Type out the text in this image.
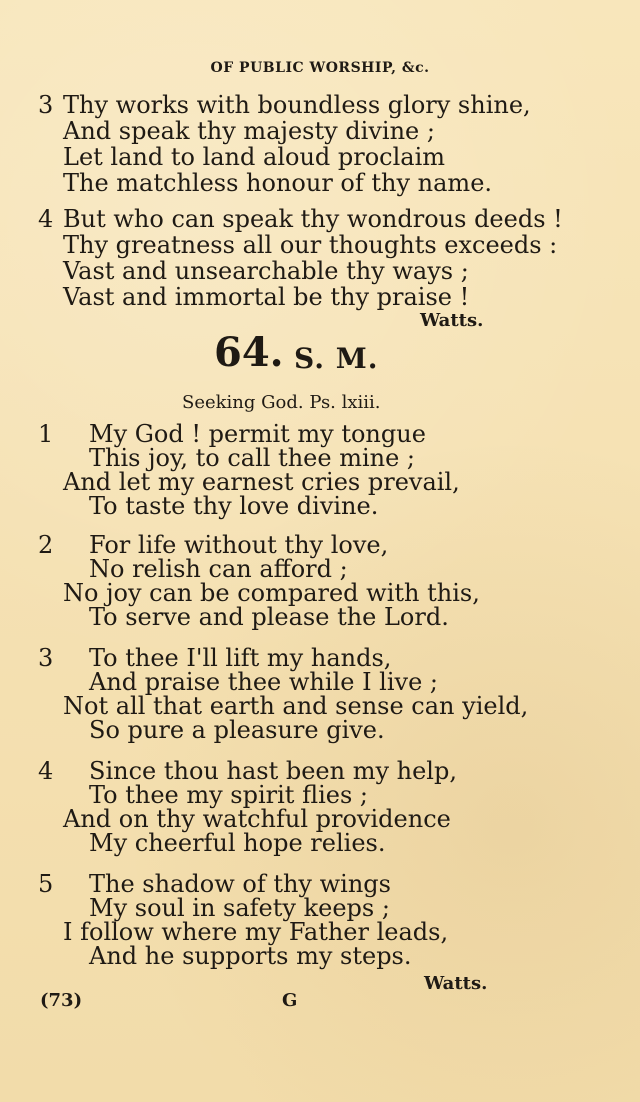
OF PUBLIC WORSHIP, &c.
3 Thy works with boundless glory shine,
And speak thy majesty divine ;
Let land to land aloud proclaim
The matchless honour of thy name.
4 But who can speak thy wondrous deeds !
Thy greatness all our thoughts exceeds :
Vast and unsearchable thy ways ;
Vast and immortal be thy praise !
Watts.
64. S. M.
Seeking God. Ps. lxiii.
1 My God ! permit my tongue
This joy, to call thee mine ;
And let my earnest cries prevail,
To taste thy love divine.
2 For life without thy love,
No relish can afford ;
No joy can be compared with this,
To serve and please the Lord.
3 To thee I'll lift my hands,
And praise thee while I live ;
Not all that earth and sense can yield,
So pure a pleasure give.
4 Since thou hast been my help,
To thee my spirit flies ;
And on thy watchful providence
My cheerful hope relies.
5 The shadow of thy wings
My soul in safety keeps ;
I follow where my Father leads,
And he supports my steps.
Watts.
(73)	G
